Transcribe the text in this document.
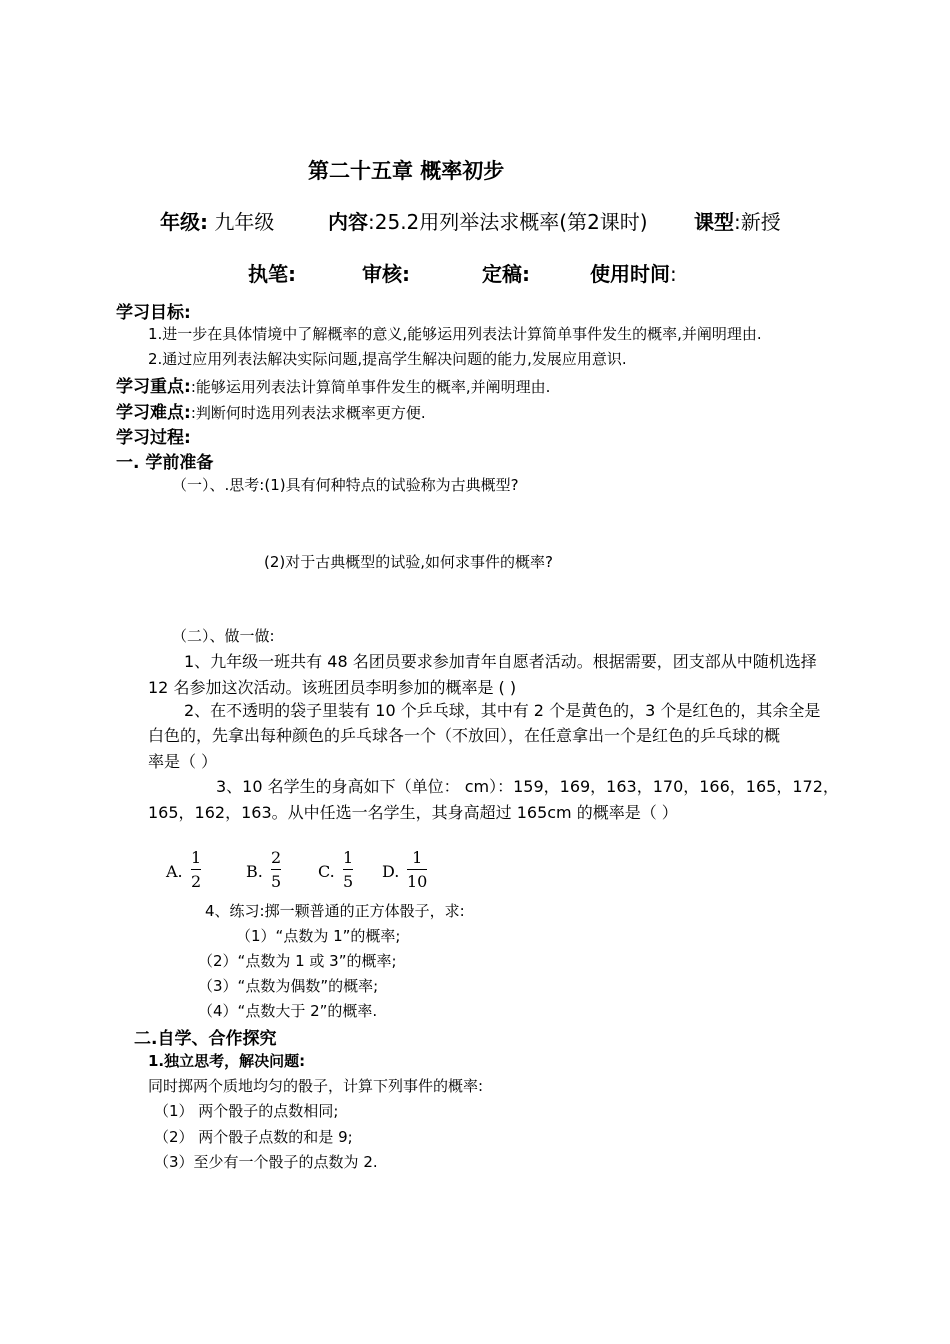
第二十五章 概率初步
年级: 九年级	内容:25.2用列举法求概率(第2课时) 课型:新授
执笔:	审核:	定稿:	使用时间:
学习目标:
1.进一步在具体情境中了解概率的意义,能够运用列表法计算简单事件发生的概率,并阐明理由.
2.通过应用列表法解决实际问题,提高学生解决问题的能力,发展应用意识.
学习重点::能够运用列表法计算简单事件发生的概率,并阐明理由.
学习难点::判断何时选用列表法求概率更方便.
学习过程:
一. 学前准备
（一）、.思考:(1)具有何种特点的试验称为古典概型?
(2)对于古典概型的试验,如何求事件的概率?
（二）、做一做:
1、九年级一班共有 48 名团员要求参加青年自愿者活动。根据需要，团支部从中随机选择
12 名参加这次活动。该班团员李明参加的概率是 ( )
2、在不透明的袋子里装有 10 个乒乓球，其中有 2 个是黄色的，3 个是红色的，其余全是
白色的，先拿出每种颜色的乒乓球各一个（不放回），在任意拿出一个是红色的乒乓球的概
率是（ ）
3、10 名学生的身高如下（单位： cm）：159，169，163，170，166，165，172，
165，162，163。从中任选一名学生，其身高超过 165cm 的概率是（ ）
A.
1
2
B.
2
5
C.
1
5
D.
1
10
4、练习:掷一颗普通的正方体骰子，求:
（1）“点数为 1”的概率;
（2）“点数为 1 或 3”的概率;
（3）“点数为偶数”的概率;
（4）“点数大于 2”的概率.
二.自学、合作探究
1.独立思考，解决问题:
同时掷两个质地均匀的骰子，计算下列事件的概率:
（1） 两个骰子的点数相同;
（2） 两个骰子点数的和是 9;
（3）至少有一个骰子的点数为 2.
